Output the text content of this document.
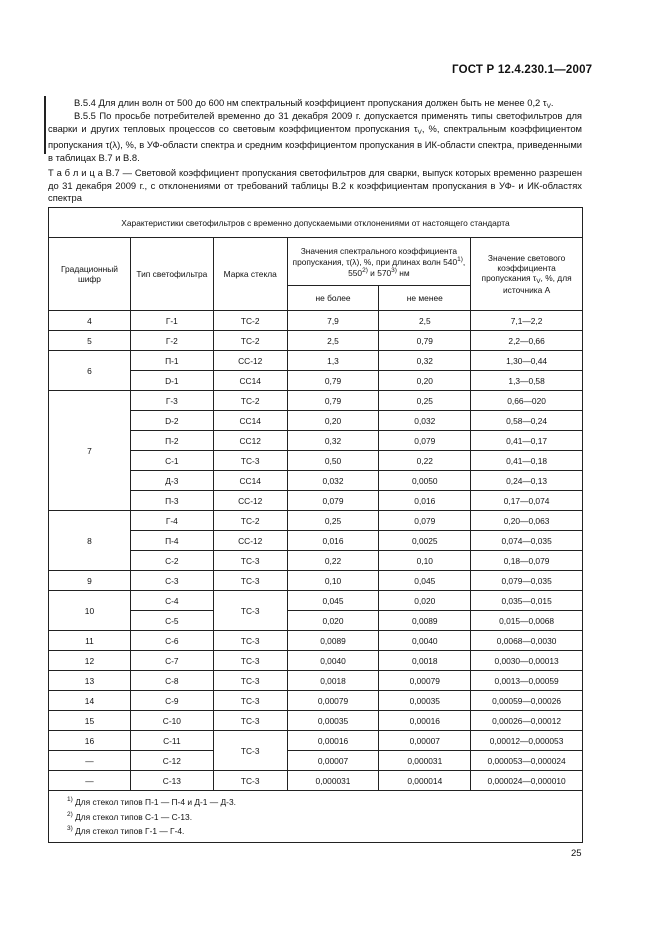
ГОСТ Р 12.4.230.1—2007
В.5.4 Для длин волн от 500 до 600 нм спектральный коэффициент пропускания должен быть не менее 0,2 $\tau_V$.
В.5.5 По просьбе потребителей временно до 31 декабря 2009 г. допускается применять типы светофильтров для сварки и других тепловых процессов со световым коэффициентом пропускания $\tau_V$, %, спектральным коэффициентом пропускания τ(λ), %, в УФ-области спектра и средним коэффициентом пропускания в ИК-области спектра, приведенными в таблицах В.7 и В.8.
Т а б л и ц а В.7 — Световой коэффициент пропускания светофильтров для сварки, выпуск которых временно разрешен до 31 декабря 2009 г., с отклонениями от требований таблицы В.2 к коэффициентам пропускания в УФ- и ИК-областях спектра
Характеристики светофильтров с временно допускаемыми отклонениями от настоящего стандарта					
Градационный шифр	Тип светофильтра	Марка стекла	Значения спектрального коэффициента пропускания, τ(λ), %, при длинах волн 540$^{1)}$, 550$^{2)}$ и 570$^{3)}$ нм		Значение светового коэффициента пропускания $\tau_V$, %, для источника А
			не более	не менее	
4	Г-1	ТС-2	7,9	2,5	7,1—2,2
5	Г-2	ТС-2	2,5	0,79	2,2—0,66
6	П-1	СС-12	1,3	0,32	1,30—0,44
	D-1	СС14	0,79	0,20	1,3—0,58
7	Г-3	ТС-2	0,79	0,25	0,66—020
	D-2	СС14	0,20	0,032	0,58—0,24
	П-2	СС12	0,32	0,079	0,41—0,17
	С-1	ТС-3	0,50	0,22	0,41—0,18
	Д-3	СС14	0,032	0,0050	0,24—0,13
	П-3	СС-12	0,079	0,016	0,17—0,074
8	Г-4	ТС-2	0,25	0,079	0,20—0,063
	П-4	СС-12	0,016	0,0025	0,074—0,035
	С-2	ТС-3	0,22	0,10	0,18—0,079
9	С-3	ТС-3	0,10	0,045	0,079—0,035
10	С-4	ТС-3	0,045	0,020	0,035—0,015
	С-5		0,020	0,0089	0,015—0,0068
11	С-6	ТС-3	0,0089	0,0040	0,0068—0,0030
12	С-7	ТС-3	0,0040	0,0018	0,0030—0,00013
13	С-8	ТС-3	0,0018	0,00079	0,0013—0,00059
14	С-9	ТС-3	0,00079	0,00035	0,00059—0,00026
15	С-10	ТС-3	0,00035	0,00016	0,00026—0,00012
16	С-11	ТС-3	0,00016	0,00007	0,00012—0,000053
—	С-12		0,00007	0,000031	0,000053—0,000024
—	С-13	ТС-3	0,000031	0,000014	0,000024—0,000010

$^{1)}$ Для стекол типов П-1 — П-4 и Д-1 — Д-3.
$^{2)}$ Для стекол типов С-1 — С-13.
$^{3)}$ Для стекол типов Г-1 — Г-4.					
25
